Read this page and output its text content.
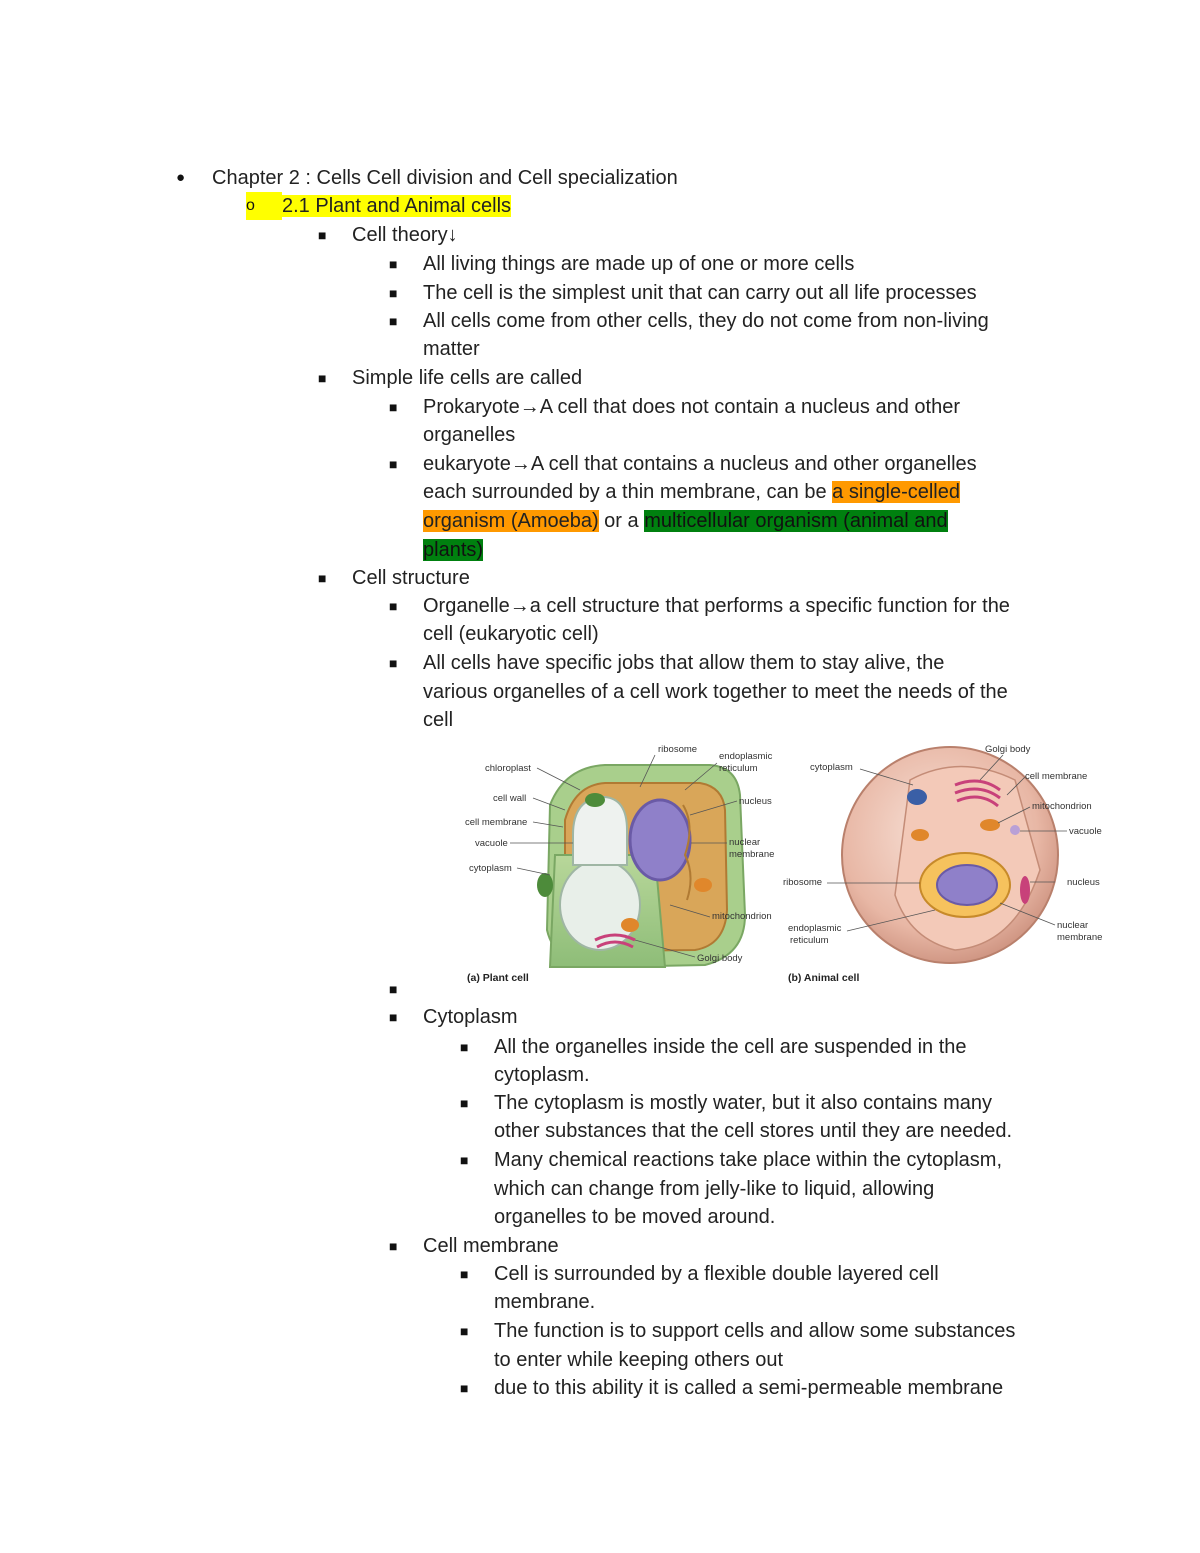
● Chapter 2 : Cells Cell division and Cell specialization
o	2.1 Plant and Animal cells
■ Cell theory↓
■ All living things are made up of one or more cells
■ The cell is the simplest unit that can carry out all life processes
■ All cells come from other cells, they do not come from non-living
matter
■ Simple life cells are called
■ Prokaryote→A cell that does not contain a nucleus and other
organelles
■ eukaryote→A cell that contains a nucleus and other organelles
each surrounded by a thin membrane, can be a single-celled
organism (Amoeba) or a multicellular organism (animal and
plants)
■ Cell structure
■ Organelle→a cell structure that performs a specific function for the
cell (eukaryotic cell)
■ All cells have specific jobs that allow them to stay alive, the
various organelles of a cell work together to meet the needs of the
cell
chloroplast
cell wall
cell membrane
vacuole
cytoplasm
ribosome
endoplasmic
reticulum
nucleus
nuclear
membrane
mitochondrion
Golgi body
(a) Plant cell
cytoplasm
Golgi body
cell membrane
mitochondrion
vacuole
ribosome	nucleus
endoplasmic
reticulum
nuclear
membrane
(b) Animal cell
■
■ Cytoplasm
■ All the organelles inside the cell are suspended in the
cytoplasm.
■ The cytoplasm is mostly water, but it also contains many
other substances that the cell stores until they are needed.
■ Many chemical reactions take place within the cytoplasm,
which can change from jelly-like to liquid, allowing
organelles to be moved around.
■ Cell membrane
■ Cell is surrounded by a flexible double layered cell
membrane.
■ The function is to support cells and allow some substances
to enter while keeping others out
■ due to this ability it is called a semi-permeable membrane
